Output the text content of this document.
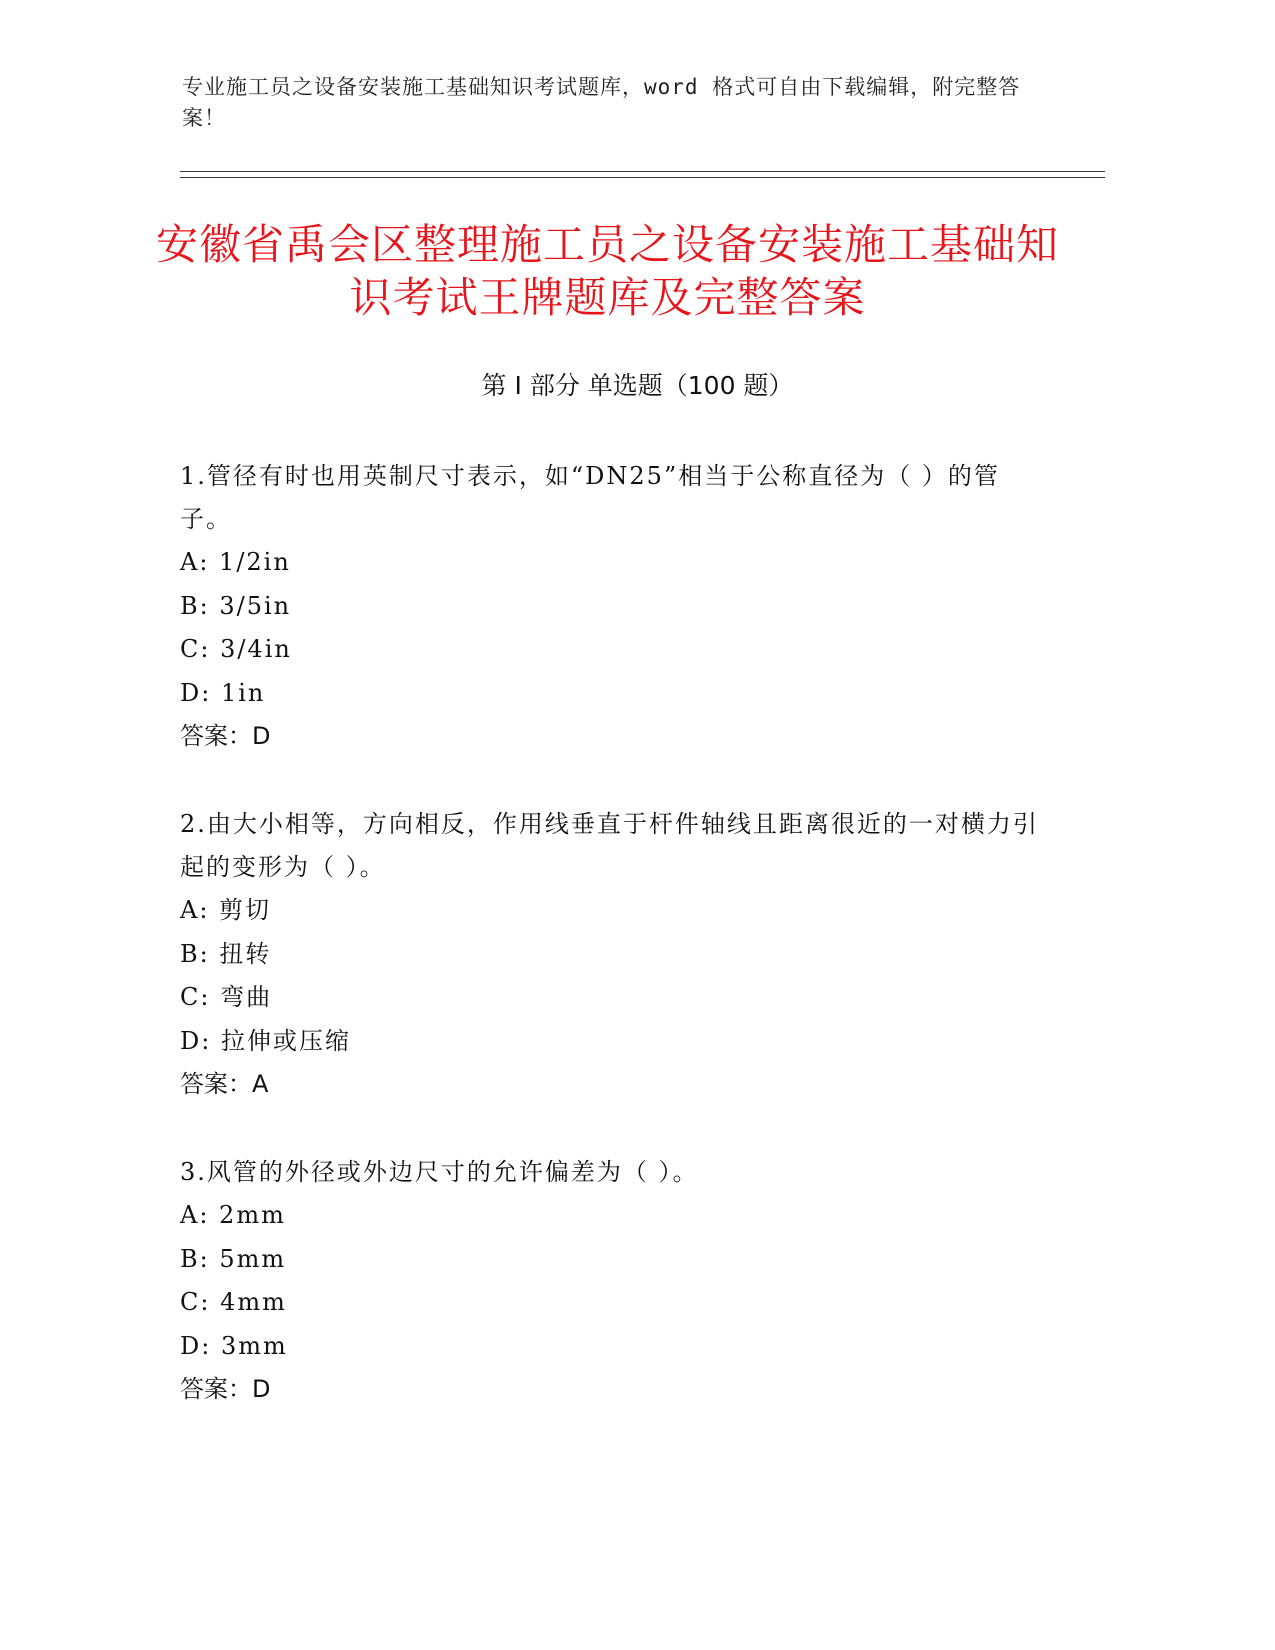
专业施工员之设备安装施工基础知识考试题库，word 格式可自由下载编辑，附完整答案！
安徽省禹会区整理施工员之设备安装施工基础知识考试王牌题库及完整答案
第 I 部分 单选题（100 题）

1.管径有时也用英制尺寸表示，如“DN25”相当于公称直径为（ ）的管子。

A: 1/2in

B: 3/5in

C: 3/4in

D: 1in

答案：D

2.由大小相等，方向相反，作用线垂直于杆件轴线且距离很近的一对横力引起的变形为（ ）。

A: 剪切

B: 扭转

C: 弯曲

D: 拉伸或压缩

答案：A

3.风管的外径或外边尺寸的允许偏差为（ ）。

A: 2mm

B: 5mm

C: 4mm

D: 3mm

答案：D
